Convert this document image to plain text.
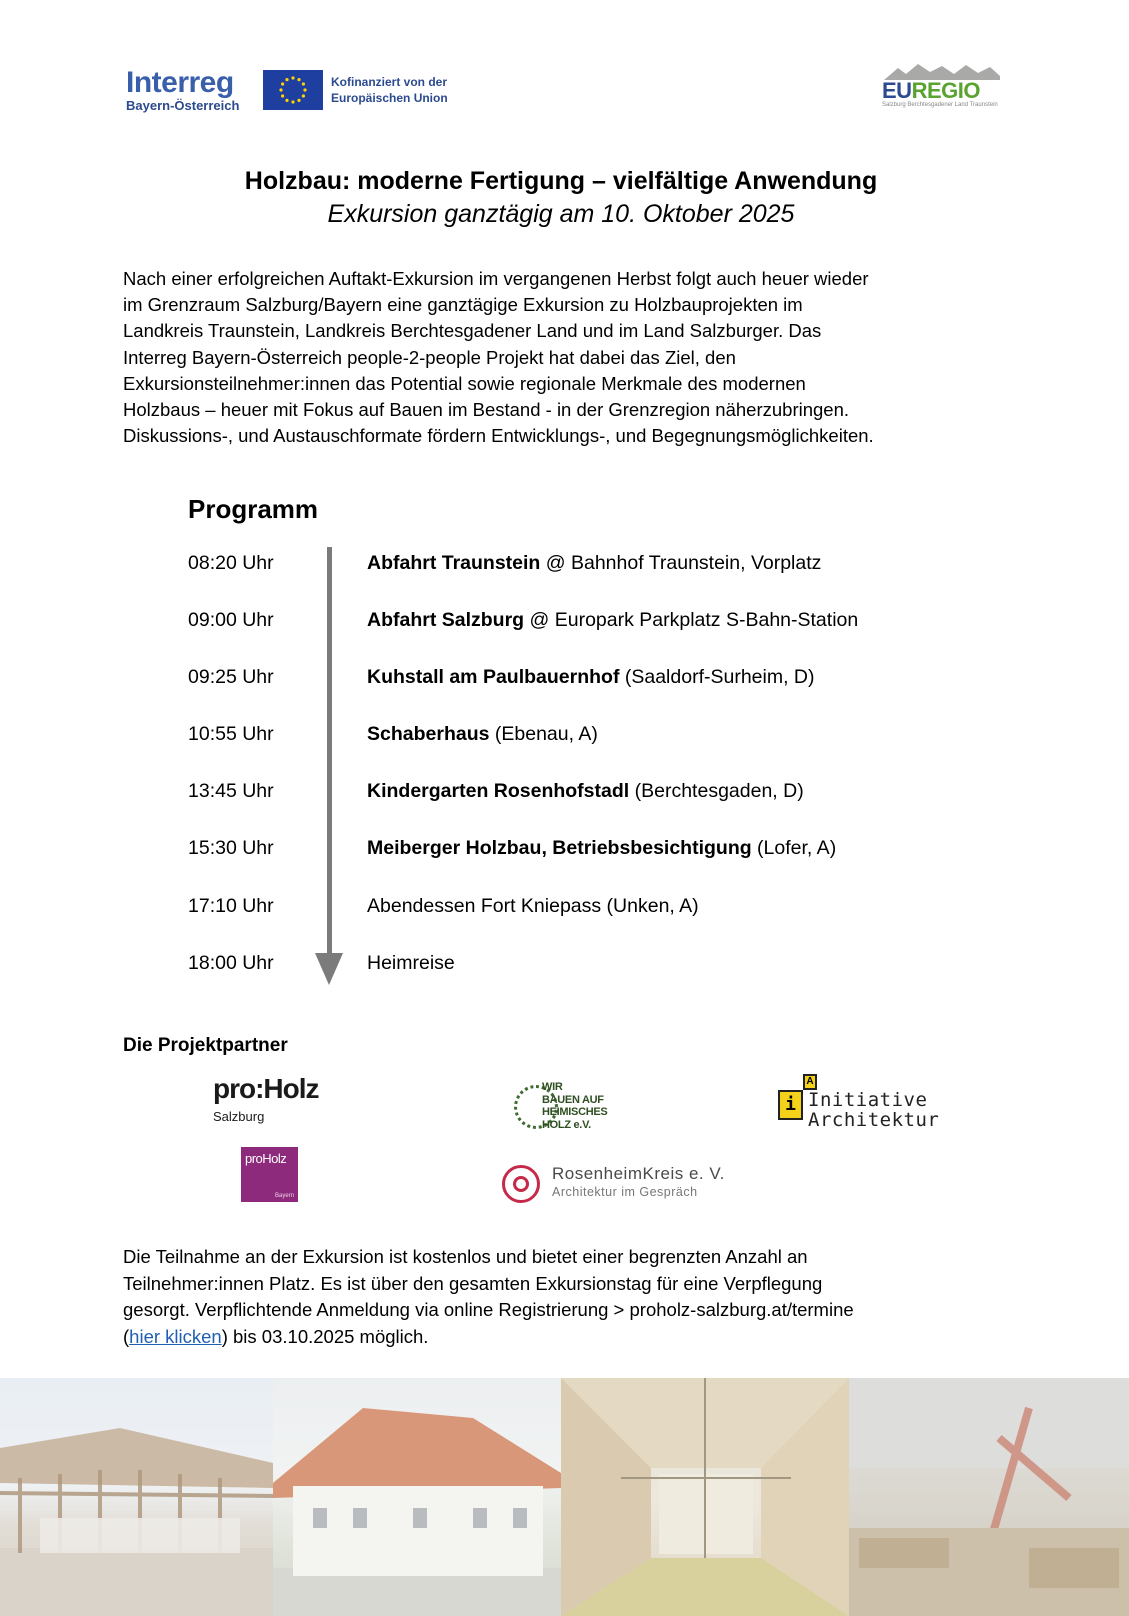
Interreg
Bayern-Österreich
Kofinanziert von der
Europäischen Union	EUREGIO
Salzburg Berchtesgadener Land Traunstein
Holzbau: moderne Fertigung – vielfältige Anwendung
Exkursion ganztägig am 10. Oktober 2025
Nach einer erfolgreichen Auftakt-Exkursion im vergangenen Herbst folgt auch heuer wieder
im Grenzraum Salzburg/Bayern eine ganztägige Exkursion zu Holzbauprojekten im
Landkreis Traunstein, Landkreis Berchtesgadener Land und im Land Salzburger. Das
Interreg Bayern-Österreich people-2-people Projekt hat dabei das Ziel, den
Exkursionsteilnehmer:innen das Potential sowie regionale Merkmale des modernen
Holzbaus – heuer mit Fokus auf Bauen im Bestand - in der Grenzregion näherzubringen.
Diskussions-, und Austauschformate fördern Entwicklungs-, und Begegnungsmöglichkeiten.
Programm
08:20 Uhr	Abfahrt Traunstein @ Bahnhof Traunstein, Vorplatz
09:00 Uhr	Abfahrt Salzburg @ Europark Parkplatz S-Bahn-Station
09:25 Uhr	Kuhstall am Paulbauernhof (Saaldorf-Surheim, D)
10:55 Uhr	Schaberhaus (Ebenau, A)
13:45 Uhr	Kindergarten Rosenhofstadl (Berchtesgaden, D)
15:30 Uhr	Meiberger Holzbau, Betriebsbesichtigung (Lofer, A)
17:10 Uhr	Abendessen Fort Kniepass (Unken, A)
18:00 Uhr	Heimreise
Die Projektpartner
pro:Holz
Salzburg
proHolz
Bayern
WIR
BAUEN AUF
HEIMISCHES
HOLZ e.V.
A
i Initiative
Architektur
RosenheimKreis e. V.
Architektur im Gespräch
Die Teilnahme an der Exkursion ist kostenlos und bietet einer begrenzten Anzahl an
Teilnehmer:innen Platz. Es ist über den gesamten Exkursionstag für eine Verpflegung
gesorgt. Verpflichtende Anmeldung via online Registrierung > proholz-salzburg.at/termine
(hier klicken) bis 03.10.2025 möglich.
